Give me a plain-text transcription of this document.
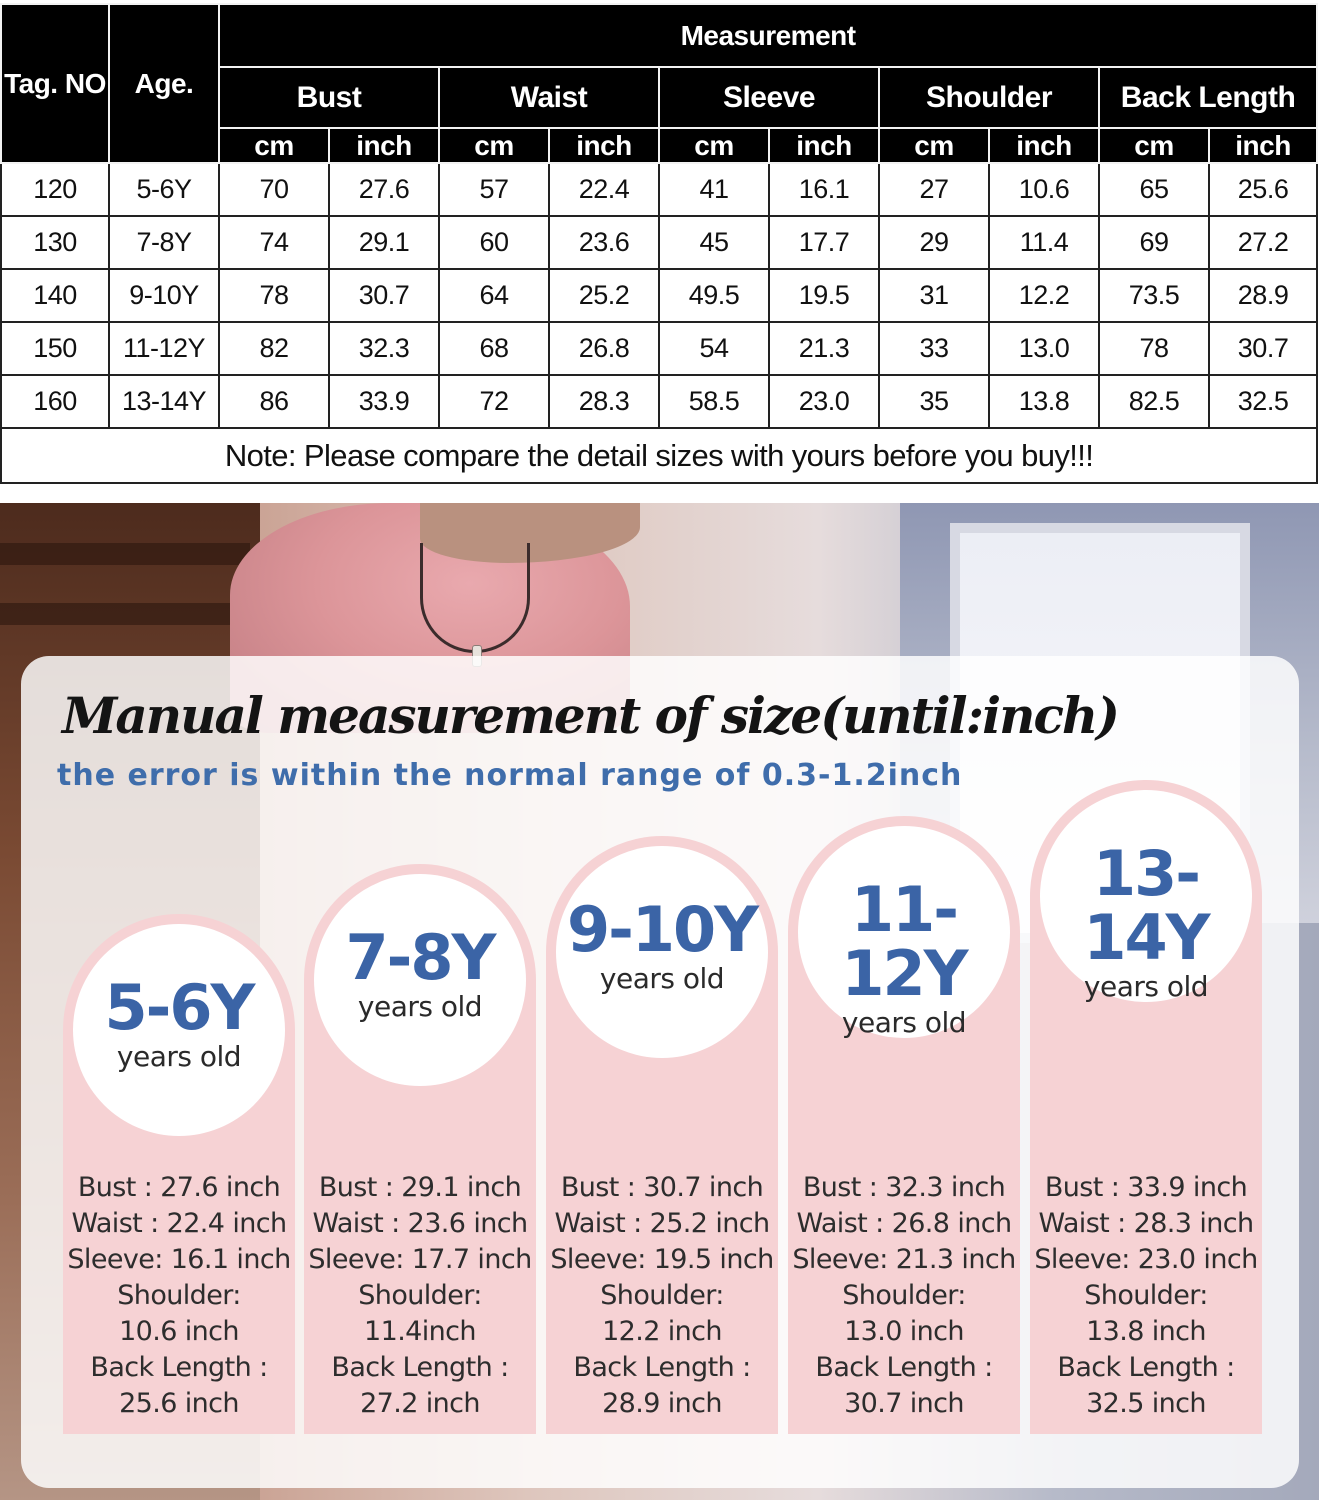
Tag. NO	Age.	Measurement									
		Bust		Waist		Sleeve		Shoulder		Back Length	
		cm	inch	cm	inch	cm	inch	cm	inch	cm	inch
120	5-6Y	70	27.6	57	22.4	41	16.1	27	10.6	65	25.6
130	7-8Y	74	29.1	60	23.6	45	17.7	29	11.4	69	27.2
140	9-10Y	78	30.7	64	25.2	49.5	19.5	31	12.2	73.5	28.9
150	11-12Y	82	32.3	68	26.8	54	21.3	33	13.0	78	30.7
160	13-14Y	86	33.9	72	28.3	58.5	23.0	35	13.8	82.5	32.5
Note: Please compare the detail sizes with yours before you buy!!!											
Manual measurement of size(until:inch)
the error is within the normal range of 0.3-1.2inch
5-6Y
years old
Bust : 27.6 inch
Waist : 22.4 inch
Sleeve: 16.1 inch
Shoulder:
10.6 inch
Back Length :
25.6 inch
7-8Y
years old
Bust : 29.1 inch
Waist : 23.6 inch
Sleeve: 17.7 inch
Shoulder:
11.4inch
Back Length :
27.2 inch
9-10Y
years old
Bust : 30.7 inch
Waist : 25.2 inch
Sleeve: 19.5 inch
Shoulder:
12.2 inch
Back Length :
28.9 inch
11-12Y
years old
Bust : 32.3 inch
Waist : 26.8 inch
Sleeve: 21.3 inch
Shoulder:
13.0 inch
Back Length :
30.7 inch
13-14Y
years old
Bust : 33.9 inch
Waist : 28.3 inch
Sleeve: 23.0 inch
Shoulder:
13.8 inch
Back Length :
32.5 inch
